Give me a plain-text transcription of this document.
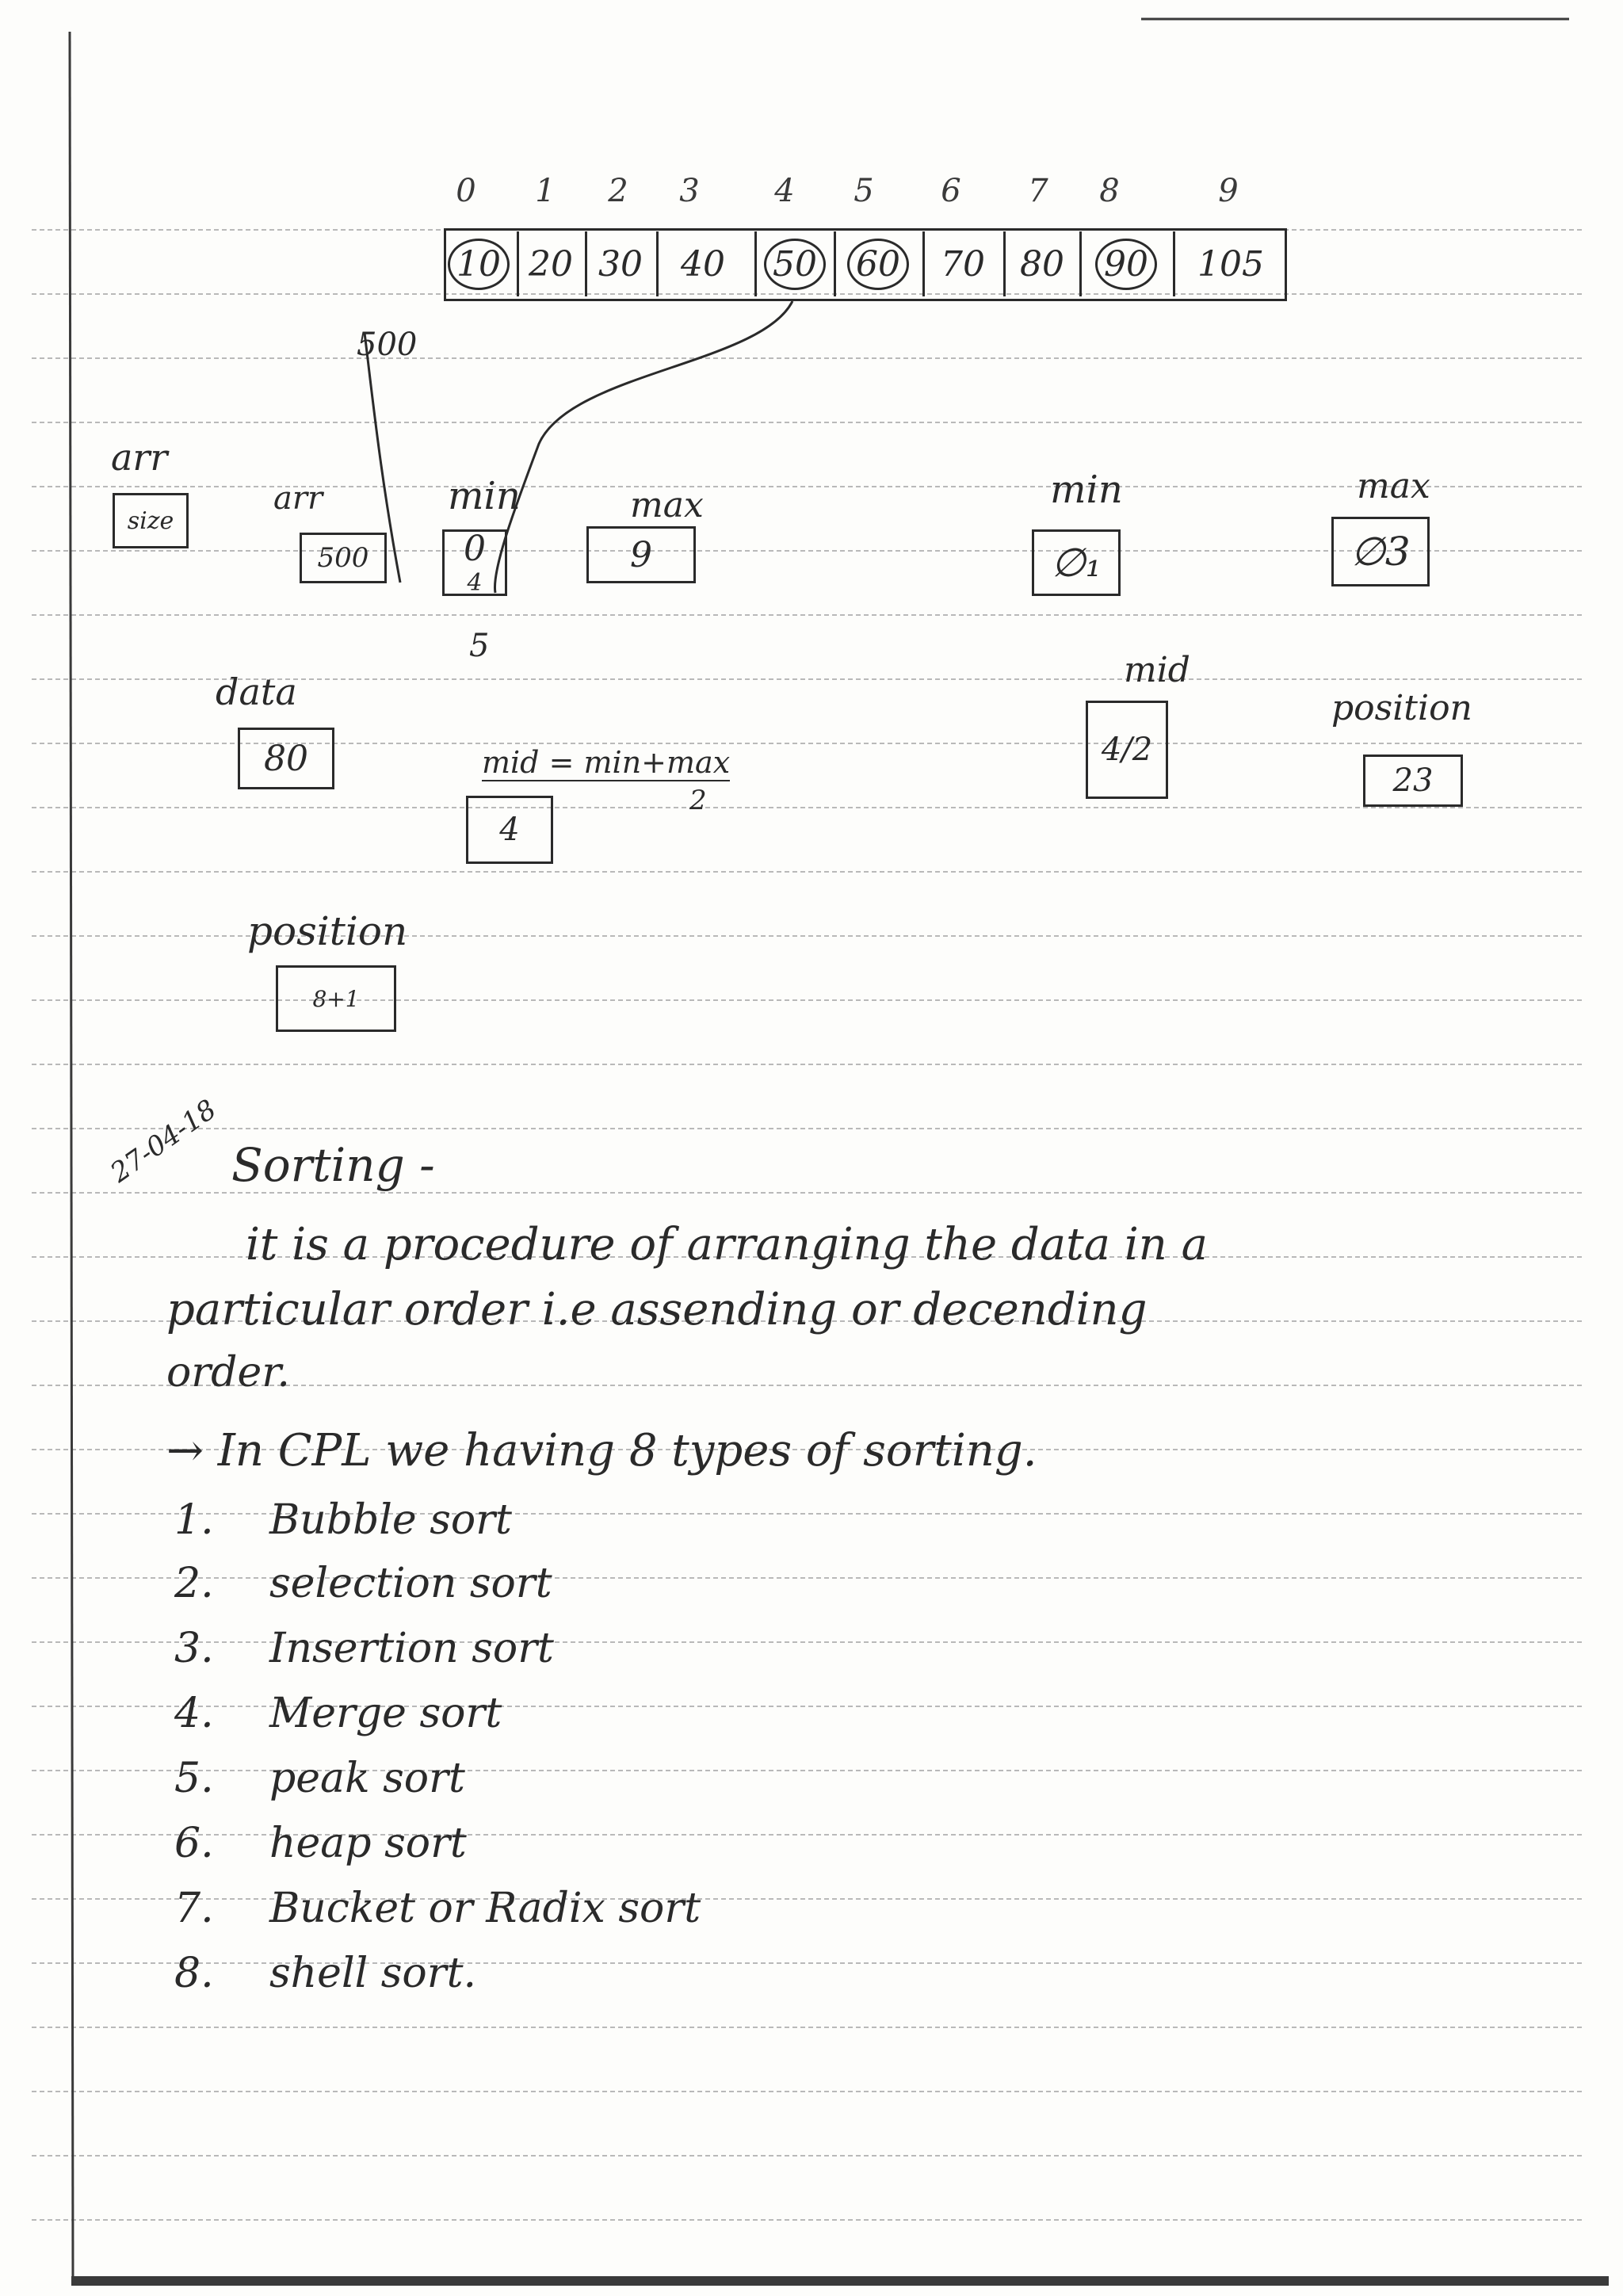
0 1 2 3 4 5 6 7 8	9
10 20 30 40 50 60 70 80 90 105
500
arr
size
arr
500
min
0
4
5
max
9
min
∅₁
max
∅3
data
80	mid = min+max
2
4
mid
4/2
position
23
position
8+1
27-04-18 Sorting -
it is a procedure of arranging the data in a
particular order i.e assending or decending
order.
→ In CPL we having 8 types of sorting.
1. Bubble sort
2. selection sort
3. Insertion sort
4. Merge sort
5. peak sort
6. heap sort
7. Bucket or Radix sort
8. shell sort.
